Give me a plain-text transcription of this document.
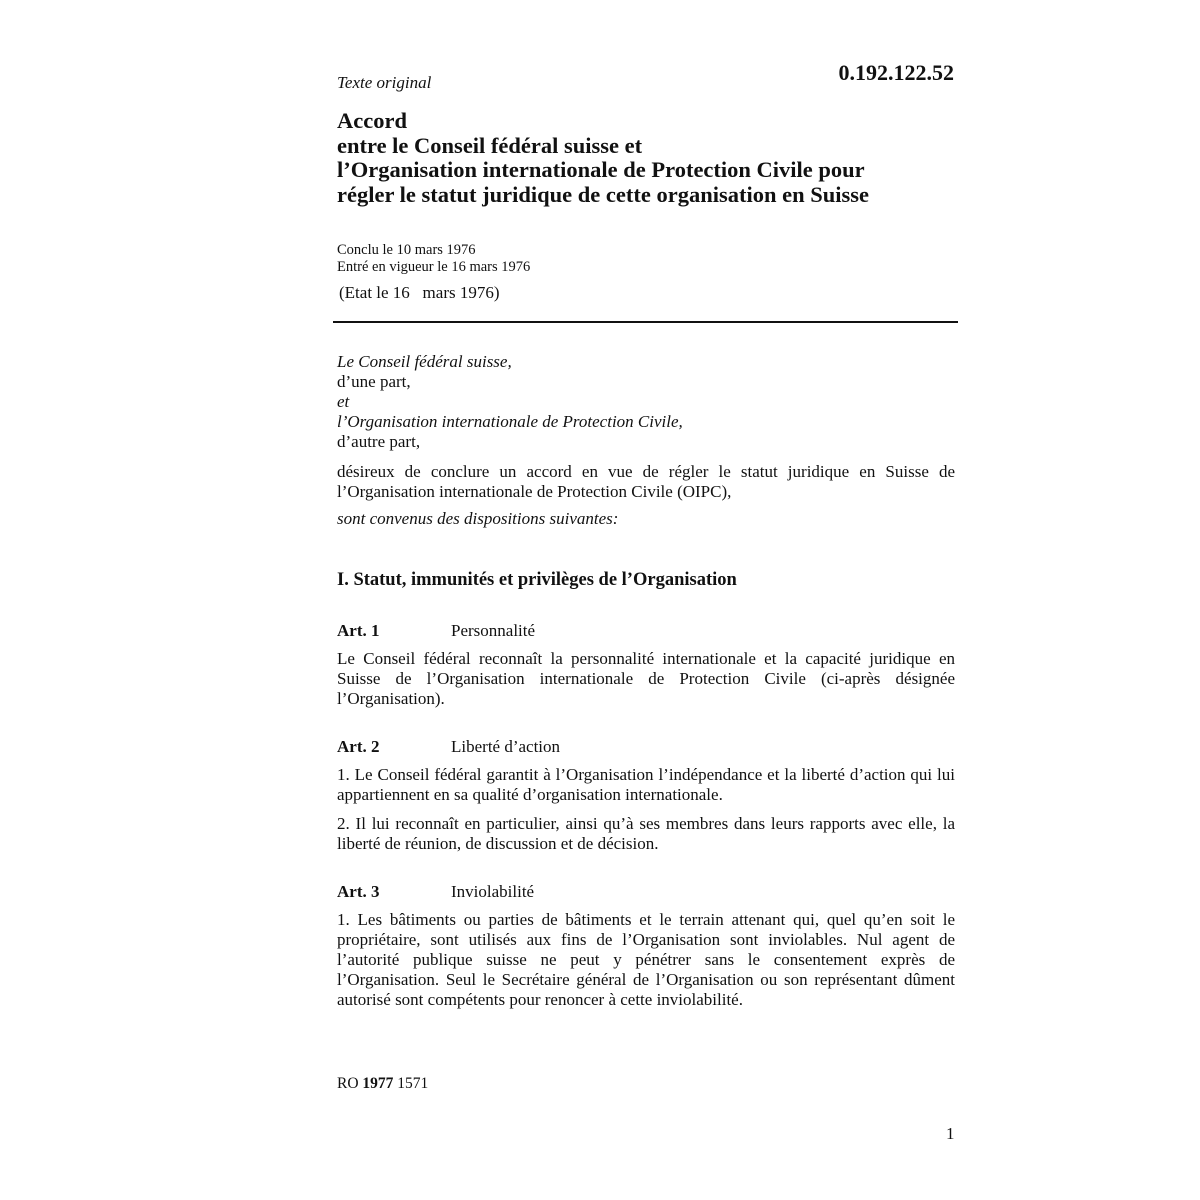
0.192.122.52
Texte original
Accord
entre le Conseil fédéral suisse et
l’Organisation internationale de Protection Civile pour
régler le statut juridique de cette organisation en Suisse
Conclu le 10 mars 1976
Entré en vigueur le 16 mars 1976
(Etat le 16   mars 1976)
Le Conseil fédéral suisse,
d’une part,
et
l’Organisation internationale de Protection Civile,
d’autre part,
désireux de conclure un accord en vue de régler le statut juridique en Suisse de l’Organisation internationale de Protection Civile (OIPC),
sont convenus des dispositions suivantes:
I. Statut, immunités et privilèges de l’Organisation
Art. 1	Personnalité
Le Conseil fédéral reconnaît la personnalité internationale et la capacité juridique en Suisse de l’Organisation internationale de Protection Civile (ci-après désignée l’Organisation).
Art. 2	Liberté d’action
1. Le Conseil fédéral garantit à l’Organisation l’indépendance et la liberté d’action qui lui appartiennent en sa qualité d’organisation internationale.
2. Il lui reconnaît en particulier, ainsi qu’à ses membres dans leurs rapports avec elle, la liberté de réunion, de discussion et de décision.
Art. 3	Inviolabilité
1. Les bâtiments ou parties de bâtiments et le terrain attenant qui, quel qu’en soit le propriétaire, sont utilisés aux fins de l’Organisation sont inviolables. Nul agent de l’autorité publique suisse ne peut y pénétrer sans le consentement exprès de l’Organisation. Seul le Secrétaire général de l’Organisation ou son représentant dûment autorisé sont compétents pour renoncer à cette inviolabilité.
RO 1977 1571
1
